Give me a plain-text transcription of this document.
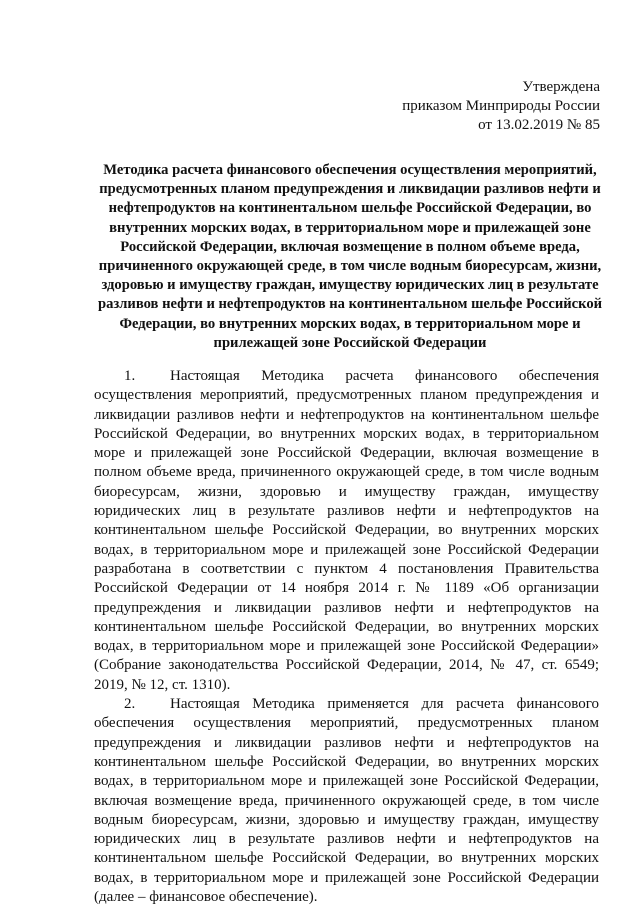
Утверждена
приказом Минприроды России
от 13.02.2019 № 85
Методика расчета финансового обеспечения осуществления мероприятий, предусмотренных планом предупреждения и ликвидации разливов нефти и нефтепродуктов на континентальном шельфе Российской Федерации, во внутренних морских водах, в территориальном море и прилежащей зоне Российской Федерации, включая возмещение в полном объеме вреда, причиненного окружающей среде, в том числе водным биоресурсам, жизни, здоровью и имуществу граждан, имуществу юридических лиц в результате разливов нефти и нефтепродуктов на континентальном шельфе Российской Федерации, во внутренних морских водах, в территориальном море и прилежащей зоне Российской Федерации

1. Настоящая Методика расчета финансового обеспечения осуществления мероприятий, предусмотренных планом предупреждения и ликвидации разливов нефти и нефтепродуктов на континентальном шельфе Российской Федерации, во внутренних морских водах, в территориальном море и прилежащей зоне Российской Федерации, включая возмещение в полном объеме вреда, причиненного окружающей среде, в том числе водным биоресурсам, жизни, здоровью и имуществу граждан, имуществу юридических лиц в результате разливов нефти и нефтепродуктов на континентальном шельфе Российской Федерации, во внутренних морских водах, в территориальном море и прилежащей зоне Российской Федерации разработана в соответствии с пунктом 4 постановления Правительства Российской Федерации от 14 ноября 2014 г. № 1189 «Об организации предупреждения и ликвидации разливов нефти и нефтепродуктов на континентальном шельфе Российской Федерации, во внутренних морских водах, в территориальном море и прилежащей зоне Российской Федерации» (Собрание законодательства Российской Федерации, 2014, № 47, ст. 6549; 2019, № 12, ст. 1310).

2. Настоящая Методика применяется для расчета финансового обеспечения осуществления мероприятий, предусмотренных планом предупреждения и ликвидации разливов нефти и нефтепродуктов на континентальном шельфе Российской Федерации, во внутренних морских водах, в территориальном море и прилежащей зоне Российской Федерации, включая возмещение вреда, причиненного окружающей среде, в том числе водным биоресурсам, жизни, здоровью и имуществу граждан, имуществу юридических лиц в результате разливов нефти и нефтепродуктов на континентальном шельфе Российской Федерации, во внутренних морских водах, в территориальном море и прилежащей зоне Российской Федерации (далее – финансовое обеспечение).
